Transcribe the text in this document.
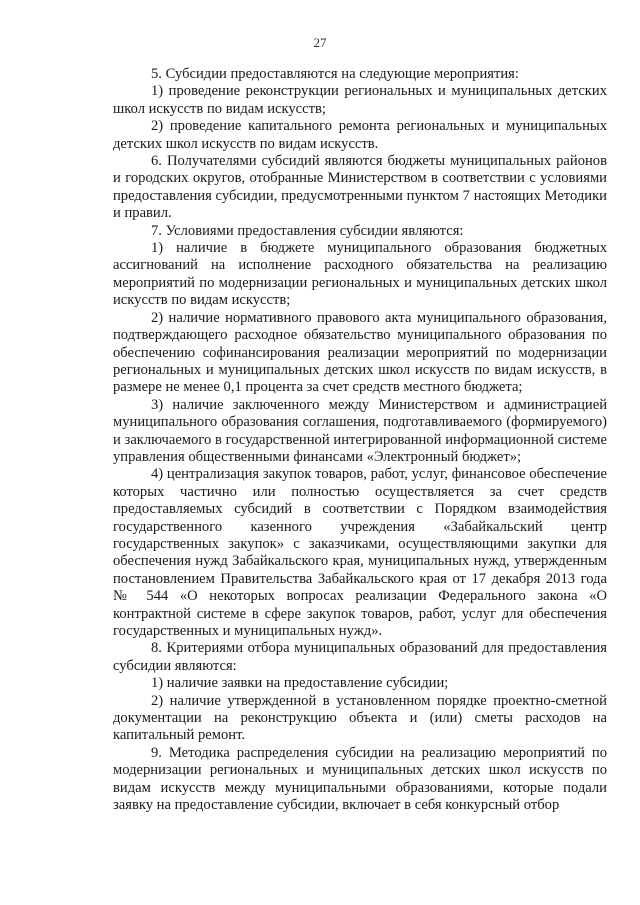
27

5. Субсидии предоставляются на следующие мероприятия:

1) проведение реконструкции региональных и муниципальных детских школ искусств по видам искусств;

2) проведение капитального ремонта региональных и муниципальных детских школ искусств по видам искусств.

6. Получателями субсидий являются бюджеты муниципальных районов и городских округов, отобранные Министерством в соответствии с условиями предоставления субсидии, предусмотренными пунктом 7 настоящих Методики и правил.

7. Условиями предоставления субсидии являются:

1) наличие в бюджете муниципального образования бюджетных ассигнований на исполнение расходного обязательства на реализацию мероприятий по модернизации региональных и муниципальных детских школ искусств по видам искусств;

2) наличие нормативного правового акта муниципального образования, подтверждающего расходное обязательство муниципального образования по обеспечению софинансирования реализации мероприятий по модернизации региональных и муниципальных детских школ искусств по видам искусств, в размере не менее 0,1 процента за счет средств местного бюджета;

3) наличие заключенного между Министерством и администрацией муниципального образования соглашения, подготавливаемого (формируемого) и заключаемого в государственной интегрированной информационной системе управления общественными финансами «Электронный бюджет»;

4) централизация закупок товаров, работ, услуг, финансовое обеспечение которых частично или полностью осуществляется за счет средств предоставляемых субсидий в соответствии с Порядком взаимодействия государственного казенного учреждения «Забайкальский центр государственных закупок» с заказчиками, осуществляющими закупки для обеспечения нужд Забайкальского края, муниципальных нужд, утвержденным постановлением Правительства Забайкальского края от 17 декабря 2013 года № 544 «О некоторых вопросах реализации Федерального закона «О контрактной системе в сфере закупок товаров, работ, услуг для обеспечения государственных и муниципальных нужд».

8. Критериями отбора муниципальных образований для предоставления субсидии являются:

1) наличие заявки на предоставление субсидии;

2) наличие утвержденной в установленном порядке проектно-сметной документации на реконструкцию объекта и (или) сметы расходов на капитальный ремонт.

9. Методика распределения субсидии на реализацию мероприятий по модернизации региональных и муниципальных детских школ искусств по видам искусств между муниципальными образованиями, которые подали заявку на предоставление субсидии, включает в себя конкурсный отбор
